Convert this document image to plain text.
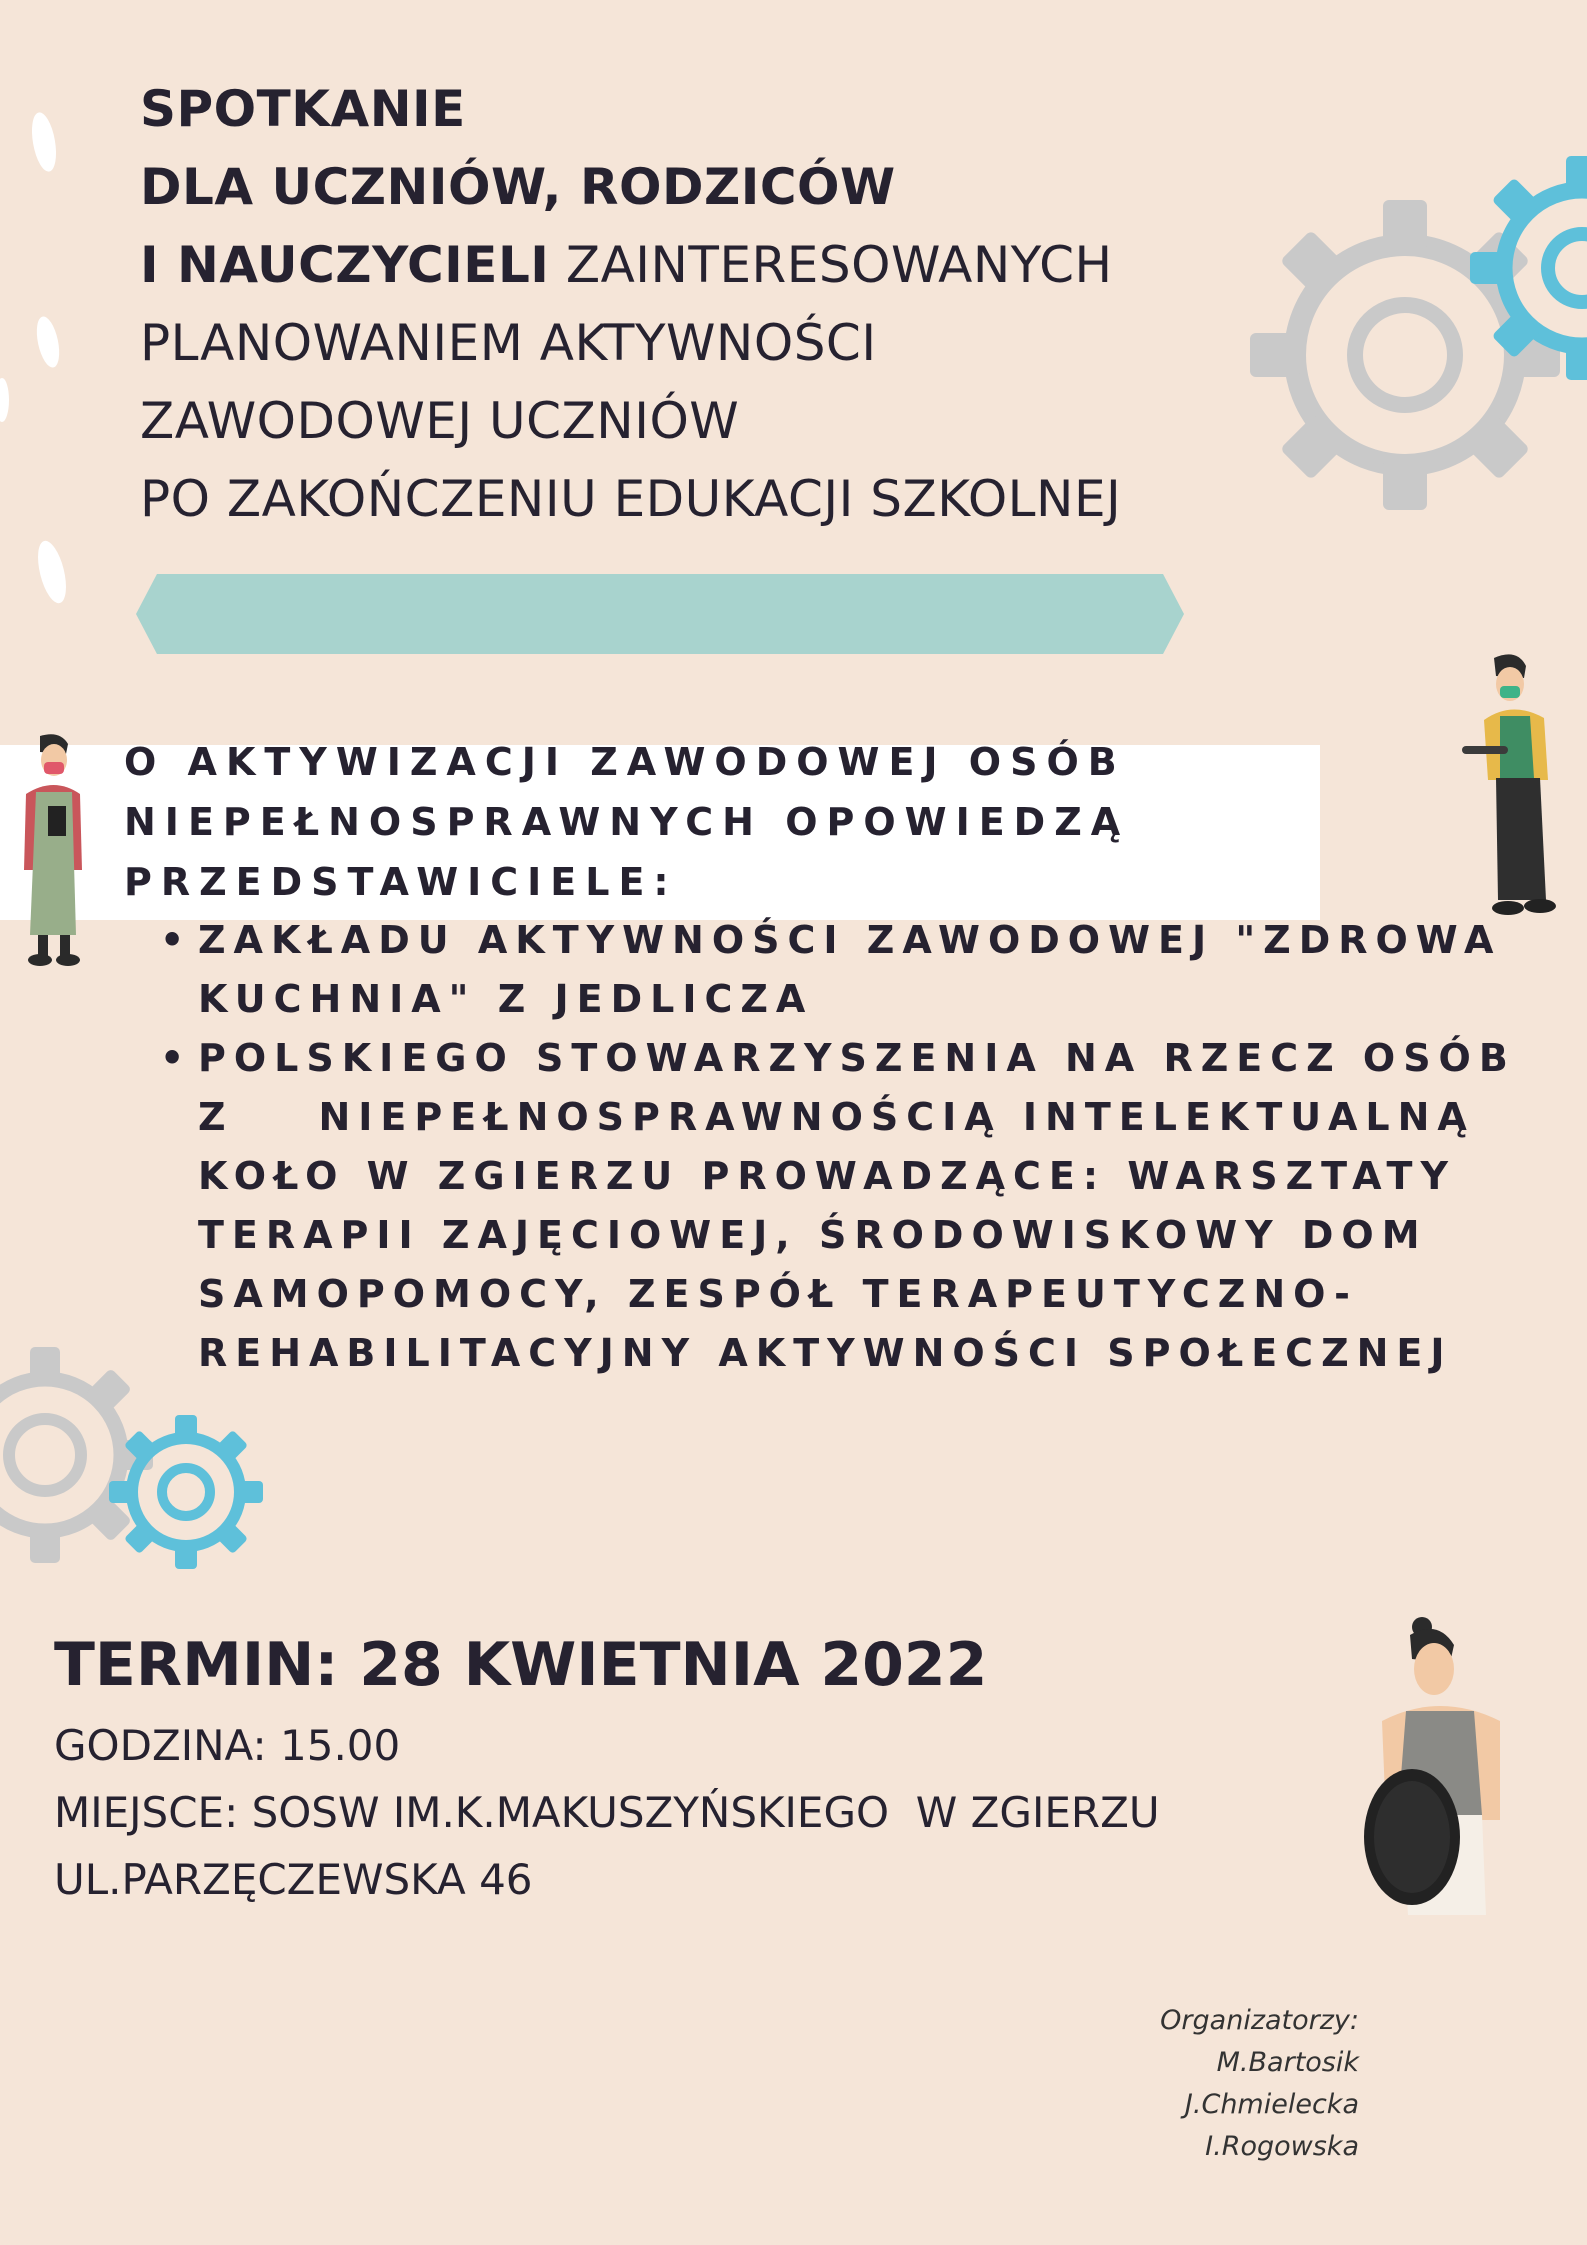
SPOTKANIE
DLA UCZNIÓW, RODZICÓW
I NAUCZYCIELI ZAINTERESOWANYCH
PLANOWANIEM AKTYWNOŚCI
ZAWODOWEJ UCZNIÓW
PO ZAKOŃCZENIU EDUKACJI SZKOLNEJ
O AKTYWIZACJI ZAWODOWEJ OSÓB
NIEPEŁNOSPRAWNYCH OPOWIEDZĄ
PRZEDSTAWICIELE:
• ZAKŁADU AKTYWNOŚCI ZAWODOWEJ "ZDROWA
KUCHNIA" Z JEDLICZA
• POLSKIEGO STOWARZYSZENIA NA RZECZ OSÓB
Z    NIEPEŁNOSPRAWNOŚCIĄ INTELEKTUALNĄ
KOŁO W ZGIERZU PROWADZĄCE: WARSZTATY
TERAPII ZAJĘCIOWEJ, ŚRODOWISKOWY DOM
SAMOPOMOCY, ZESPÓŁ TERAPEUTYCZNO-
REHABILITACYJNY AKTYWNOŚCI SPOŁECZNEJ
TERMIN: 28 KWIETNIA 2022
GODZINA: 15.00
MIEJSCE: SOSW IM.K.MAKUSZYŃSKIEGO  W ZGIERZU
UL.PARZĘCZEWSKA 46
Organizatorzy:
M.Bartosik
J.Chmielecka
I.Rogowska
